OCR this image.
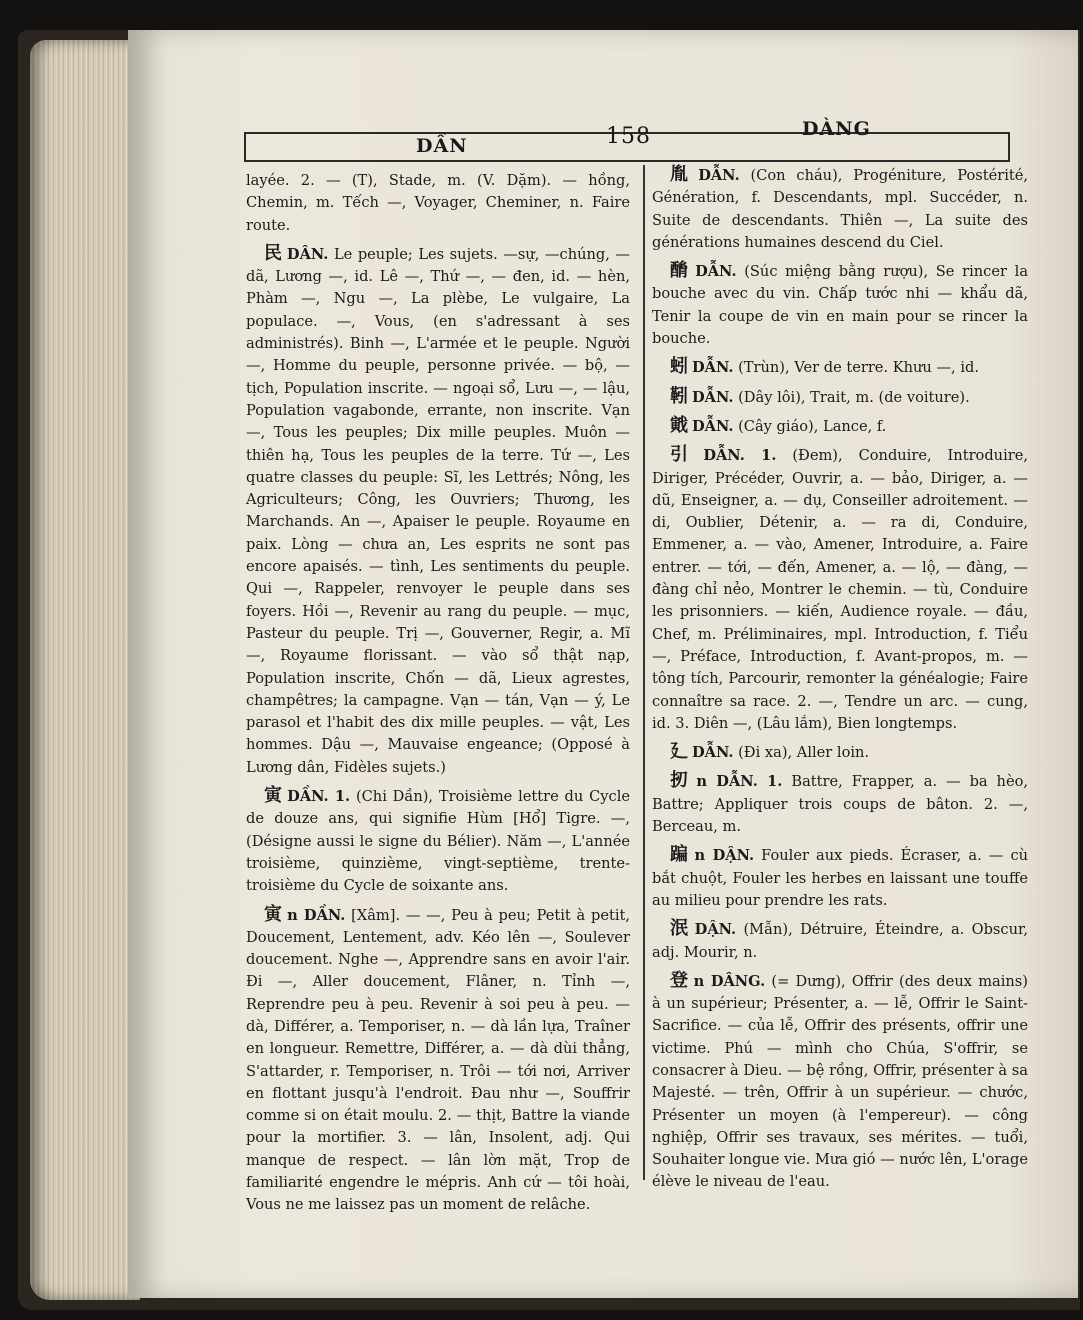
DẦN	158	DÀNG

layée. 2. — (T), Stade, m. (V. Dặm). — hồng, Chemin, m. Tếch —, Voyager, Cheminer, n. Faire route.

民 DÂN. Le peuple; Les sujets. —sự, —chúng, — dã, Lương —, id. Lê —, Thứ —, — đen, id. — hèn, Phàm —, Ngu —, La plèbe, Le vulgaire, La populace. —, Vous, (en s'adressant à ses administrés). Binh —, L'armée et le peuple. Người —, Homme du peuple, personne privée. — bộ, — tịch, Population inscrite. — ngoại sổ, Lưu —, — lậu, Population vagabonde, errante, non inscrite. Vạn —, Tous les peuples; Dix mille peuples. Muôn — thiên hạ, Tous les peuples de la terre. Tứ —, Les quatre classes du peuple: Sĩ, les Lettrés; Nông, les Agriculteurs; Công, les Ouvriers; Thương, les Marchands. An —, Apaiser le peuple. Royaume en paix. Lòng — chưa an, Les esprits ne sont pas encore apaisés. — tình, Les sentiments du peuple. Qui —, Rappeler, renvoyer le peuple dans ses foyers. Hồi —, Revenir au rang du peuple. — mục, Pasteur du peuple. Trị —, Gouverner, Regir, a. Mĩ —, Royaume florissant. — vào sổ thật nạp, Population inscrite, Chốn — dã, Lieux agrestes, champêtres; la campagne. Vạn — tán, Vạn — ý, Le parasol et l'habit des dix mille peuples. — vật, Les hommes. Dậu —, Mauvaise engeance; (Opposé à Lương dân, Fidèles sujets.)

寅 DẦN. 1. (Chi Dần), Troisième lettre du Cycle de douze ans, qui signifie Hùm [Hổ] Tigre. —, (Désigne aussi le signe du Bélier). Năm —, L'année troisième, quinzième, vingt-septième, trente-troisième du Cycle de soixante ans.

寅 n DẦN. [Xâm]. — —, Peu à peu; Petit à petit, Doucement, Lentement, adv. Kéo lên —, Soulever doucement. Nghe —, Apprendre sans en avoir l'air. Đi —, Aller doucement, Flâner, n. Tỉnh —, Reprendre peu à peu. Revenir à soi peu à peu. — dà, Différer, a. Temporiser, n. — dà lần lựa, Traîner en longueur. Remettre, Différer, a. — dà dùi thẳng, S'attarder, r. Temporiser, n. Trôi — tới nơi, Arriver en flottant jusqu'à l'endroit. Đau như —, Souffrir comme si on était moulu. 2. — thịt, Battre la viande pour la mortifier. 3. — lân, Insolent, adj. Qui manque de respect. — lân lờn mặt, Trop de familiarité engendre le mépris. Anh cứ — tôi hoài, Vous ne me laissez pas un moment de relâche.

胤 DẪN. (Con cháu), Progéniture, Postérité, Génération, f. Descendants, mpl. Succéder, n. Suite de descendants. Thiên —, La suite des générations humaines descend du Ciel.

酳 DẪN. (Súc miệng bằng rượu), Se rincer la bouche avec du vin. Chấp tước nhi — khẩu dã, Tenir la coupe de vin en main pour se rincer la bouche.

蚓 DẪN. (Trùn), Ver de terre. Khưu —, id.

靷 DẪN. (Dây lôi), Trait, m. (de voiture).

戭 DẪN. (Cây giáo), Lance, f.

引 DẪN. 1. (Đem), Conduire, Introduire, Diriger, Précéder, Ouvrir, a. — bảo, Diriger, a. — dũ, Enseigner, a. — dụ, Conseiller adroitement. — di, Oublier, Détenir, a. — ra di, Conduire, Emmener, a. — vào, Amener, Introduire, a. Faire entrer. — tới, — đến, Amener, a. — lộ, — đàng, — đàng chỉ nẻo, Montrer le chemin. — tù, Conduire les prisonniers. — kiến, Audience royale. — đầu, Chef, m. Préliminaires, mpl. Introduction, f. Tiểu —, Préface, Introduction, f. Avant-propos, m. — tông tích, Parcourir, remonter la généalogie; Faire connaître sa race. 2. —, Tendre un arc. — cung, id. 3. Diên —, (Lâu lắm), Bien longtemps.

廴 DẪN. (Đi xa), Aller loin.

扨 n DẪN. 1. Battre, Frapper, a. — ba hèo, Battre; Appliquer trois coups de bâton. 2. —, Berceau, m.

蹁 n DẬN. Fouler aux pieds. Écraser, a. — cù bắt chuột, Fouler les herbes en laissant une touffe au milieu pour prendre les rats.

泯 DẬN. (Mẫn), Détruire, Éteindre, a. Obscur, adj. Mourir, n.

登 n DÂNG. (= Dưng), Offrir (des deux mains) à un supérieur; Présenter, a. — lễ, Offrir le Saint-Sacrifice. — của lễ, Offrir des présents, offrir une victime. Phú — mình cho Chúa, S'offrir, se consacrer à Dieu. — bệ rồng, Offrir, présenter à sa Majesté. — trên, Offrir à un supérieur. — chước, Présenter un moyen (à l'empereur). — công nghiệp, Offrir ses travaux, ses mérites. — tuổi, Souhaiter longue vie. Mưa gió — nước lên, L'orage élève le niveau de l'eau.
